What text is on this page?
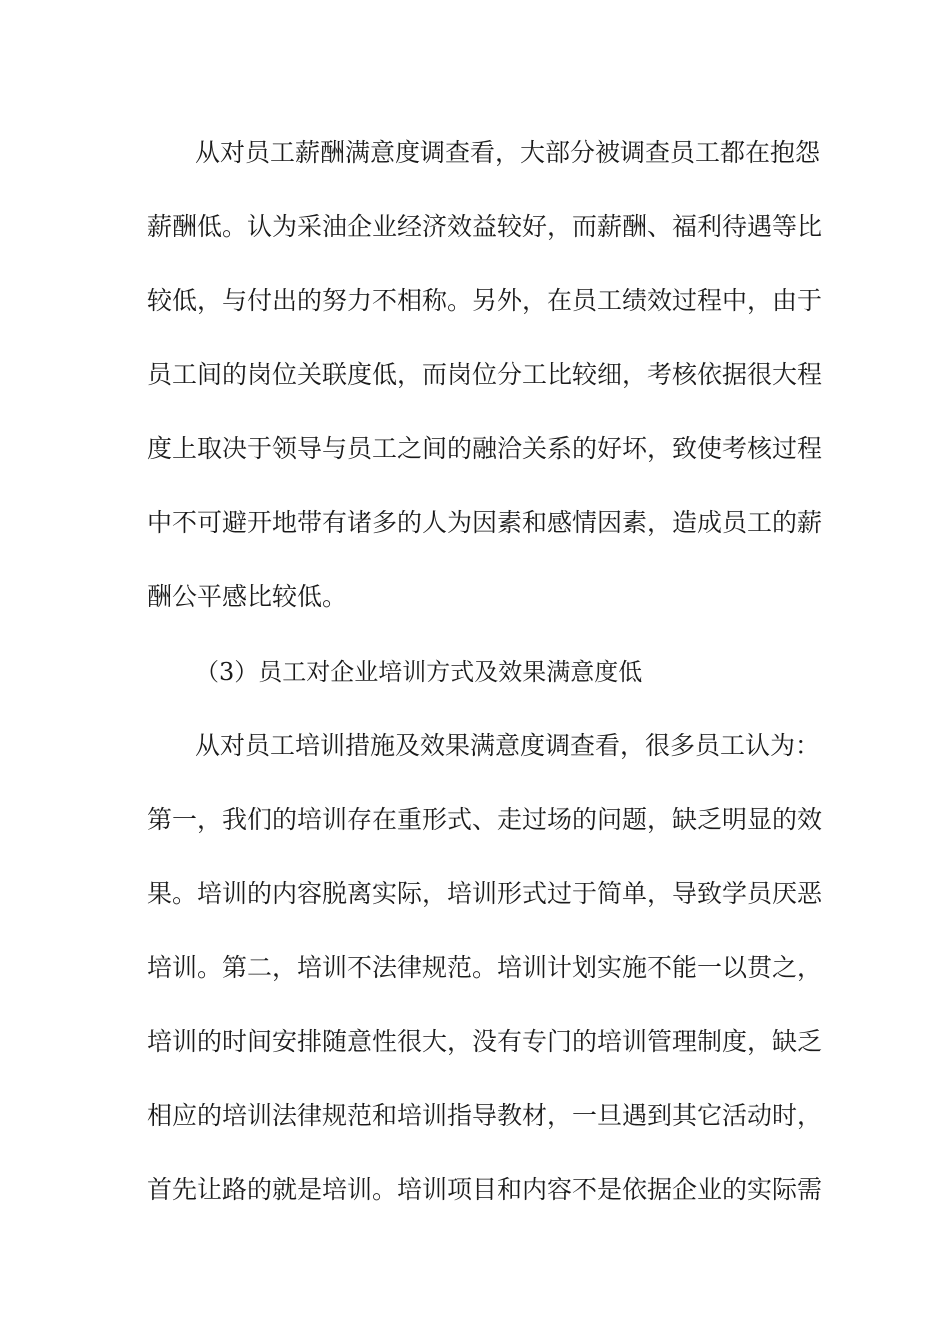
从对员工薪酬满意度调查看，大部分被调查员工都在抱怨

薪酬低。认为采油企业经济效益较好，而薪酬、福利待遇等比

较低，与付出的努力不相称。另外，在员工绩效过程中，由于

员工间的岗位关联度低，而岗位分工比较细，考核依据很大程

度上取决于领导与员工之间的融洽关系的好坏，致使考核过程

中不可避开地带有诸多的人为因素和感情因素，造成员工的薪

酬公平感比较低。

（3）员工对企业培训方式及效果满意度低

从对员工培训措施及效果满意度调查看，很多员工认为：

第一，我们的培训存在重形式、走过场的问题，缺乏明显的效

果。培训的内容脱离实际，培训形式过于简单，导致学员厌恶

培训。第二，培训不法律规范。培训计划实施不能一以贯之，

培训的时间安排随意性很大，没有专门的培训管理制度，缺乏

相应的培训法律规范和培训指导教材，一旦遇到其它活动时，

首先让路的就是培训。培训项目和内容不是依据企业的实际需
